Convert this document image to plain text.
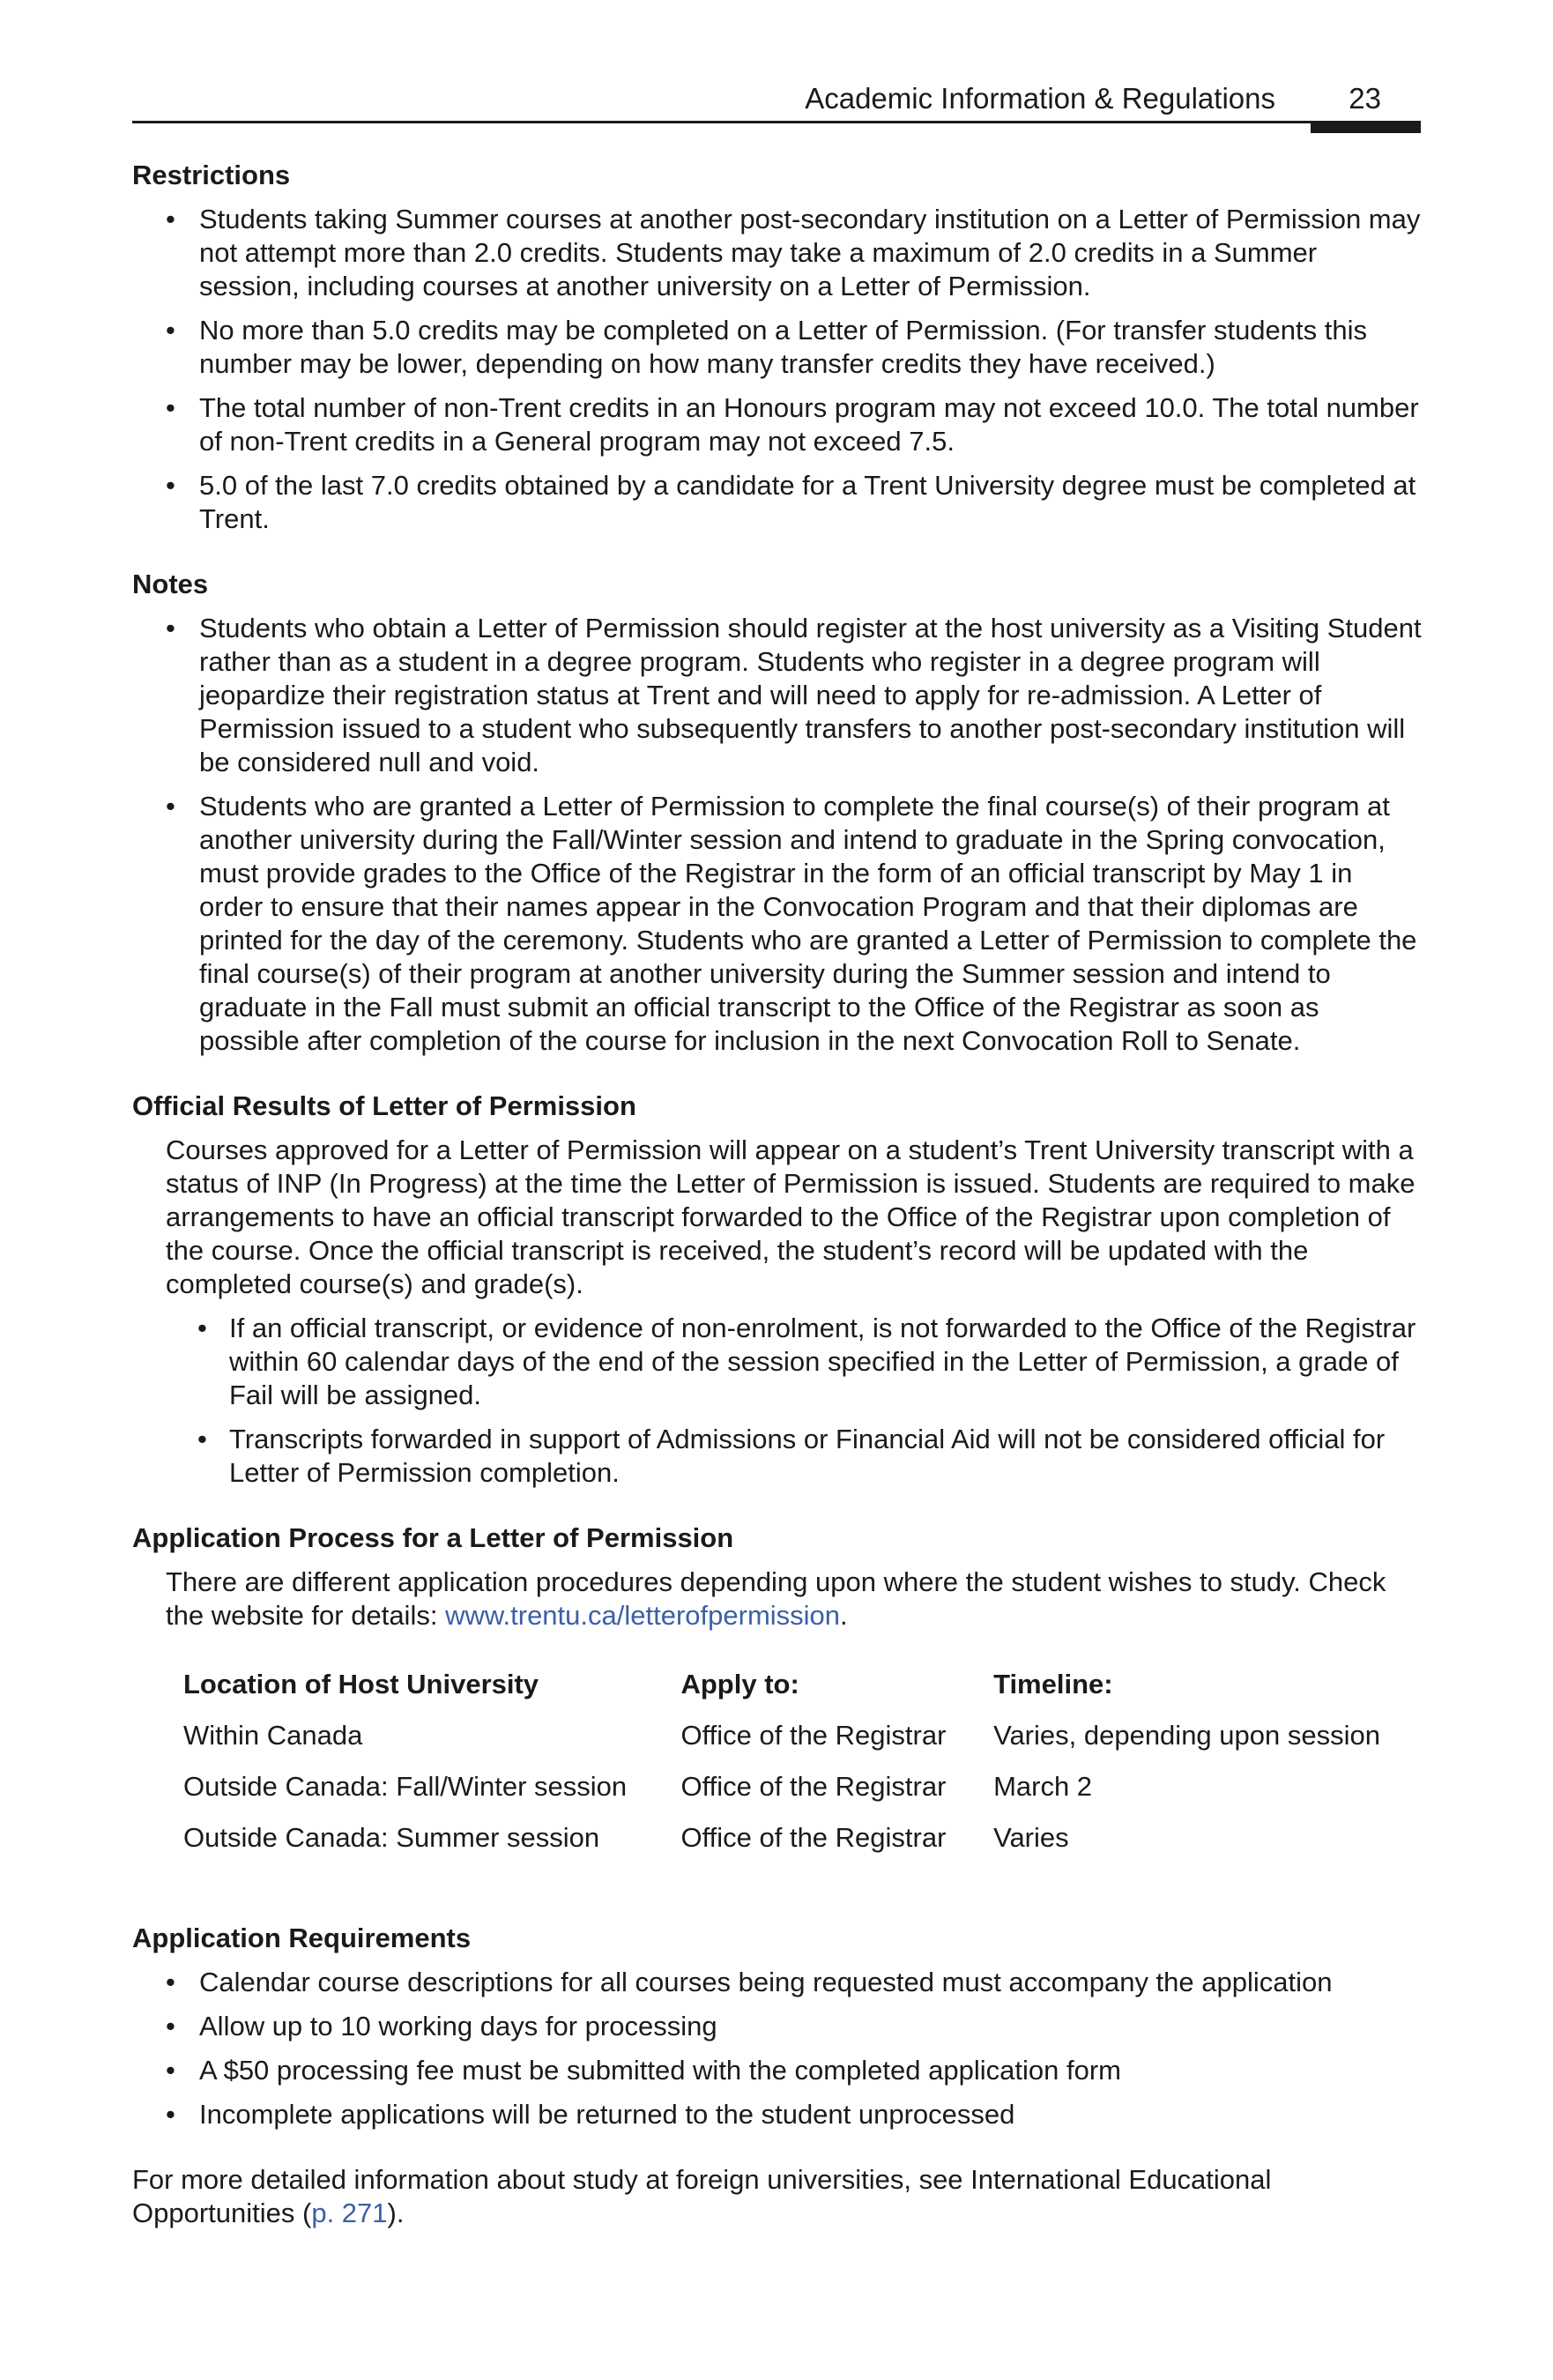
Academic Information & Regulations	23
Restrictions
• Students taking Summer courses at another post-secondary institution on a Letter of Permission may not attempt more than 2.0 credits. Students may take a maximum of 2.0 credits in a Summer session, including courses at another university on a Letter of Permission.
• No more than 5.0 credits may be completed on a Letter of Permission. (For transfer students this number may be lower, depending on how many transfer credits they have received.)
• The total number of non-Trent credits in an Honours program may not exceed 10.0. The total number of non-Trent credits in a General program may not exceed 7.5.
• 5.0 of the last 7.0 credits obtained by a candidate for a Trent University degree must be completed at Trent.
Notes
• Students who obtain a Letter of Permission should register at the host university as a Visiting Student rather than as a student in a degree program. Students who register in a degree program will jeopardize their registration status at Trent and will need to apply for re-admission. A Letter of Permission issued to a student who subsequently transfers to another post-secondary institution will be considered null and void.
• Students who are granted a Letter of Permission to complete the final course(s) of their program at another university during the Fall/Winter session and intend to graduate in the Spring convocation, must provide grades to the Office of the Registrar in the form of an official transcript by May 1 in order to ensure that their names appear in the Convocation Program and that their diplomas are printed for the day of the ceremony. Students who are granted a Letter of Permission to complete the final course(s) of their program at another university during the Summer session and intend to graduate in the Fall must submit an official transcript to the Office of the Registrar as soon as possible after completion of the course for inclusion in the next Convocation Roll to Senate.
Official Results of Letter of Permission

Courses approved for a Letter of Permission will appear on a student’s Trent University transcript with a status of INP (In Progress) at the time the Letter of Permission is issued. Students are required to make arrangements to have an official transcript forwarded to the Office of the Registrar upon completion of the course. Once the official transcript is received, the student’s record will be updated with the completed course(s) and grade(s).

• If an official transcript, or evidence of non-enrolment, is not forwarded to the Office of the Registrar within 60 calendar days of the end of the session specified in the Letter of Permission, a grade of Fail will be assigned.
• Transcripts forwarded in support of Admissions or Financial Aid will not be considered official for Letter of Permission completion.
Application Process for a Letter of Permission

There are different application procedures depending upon where the student wishes to study. Check the website for details: www.trentu.ca/letterofpermission.

Location of Host University	Apply to:	Timeline:
Within Canada	Office of the Registrar	Varies, depending upon session
Outside Canada: Fall/Winter session	Office of the Registrar	March 2
Outside Canada: Summer session	Office of the Registrar	Varies
Application Requirements
• Calendar course descriptions for all courses being requested must accompany the application
• Allow up to 10 working days for processing
• A $50 processing fee must be submitted with the completed application form
• Incomplete applications will be returned to the student unprocessed

For more detailed information about study at foreign universities, see International Educational Opportunities (p. 271).
